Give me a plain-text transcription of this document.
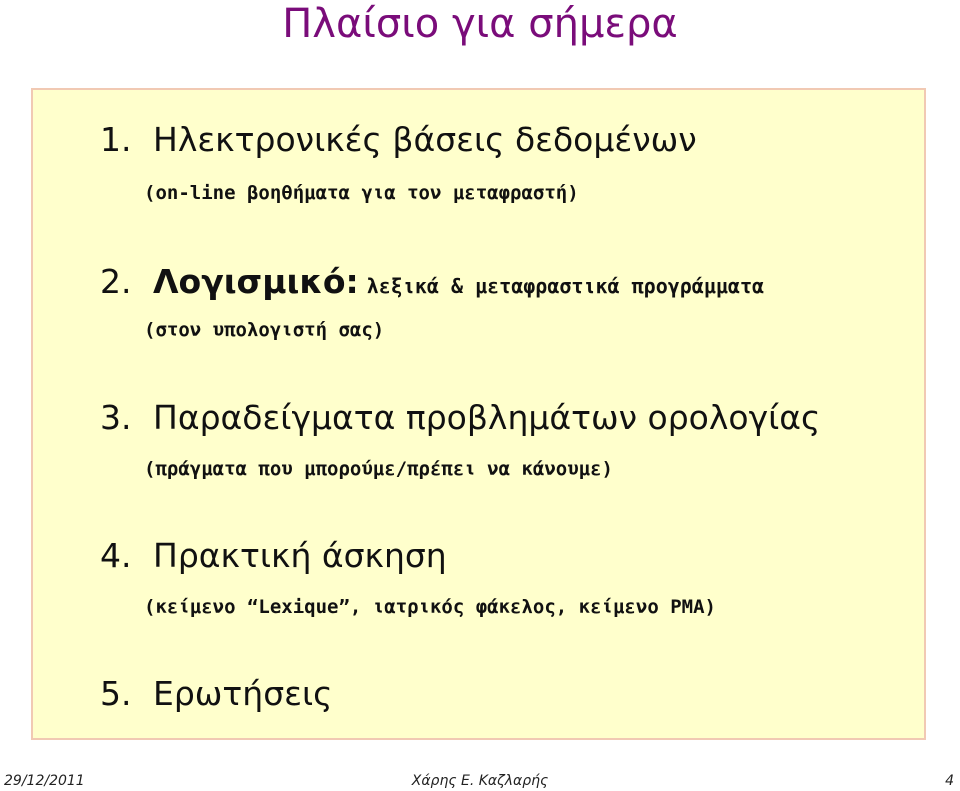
Πλαίσιο για σήμερα
1. Ηλεκτρονικές βάσεις δεδομένων
(on-line βοηθήματα για τον μεταφραστή)
2. Λογισμικό: λεξικά & μεταφραστικά προγράμματα
(στον υπολογιστή σας)
3. Παραδείγματα προβλημάτων ορολογίας
(πράγματα που μπορούμε/πρέπει να κάνουμε)
4. Πρακτική άσκηση
(κείμενο “Lexique”, ιατρικός φάκελος, κείμενο PMA)
5. Ερωτήσεις
Χάρης Ε. Καζλαρής
29/12/2011	4
